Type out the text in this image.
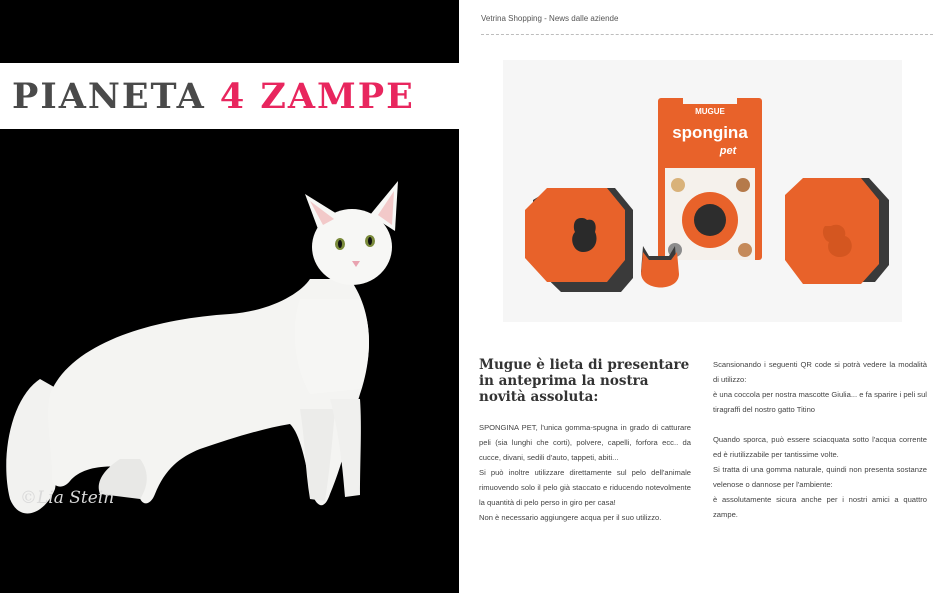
PIANETA 4 ZAMPE
©Lia Stein
Vetrina Shopping - News dalle aziende
MUGUE
spongina
pet
Mugue è lieta di presentare in anteprima la nostra novità assoluta:

SPONGINA PET, l'unica gomma-spugna in grado di catturare peli (sia lunghi che corti), polvere, capelli, forfora ecc.. da cucce, divani, sedili d'auto, tappeti, abiti...

Si può inoltre utilizzare direttamente sul pelo dell'animale rimuovendo solo il pelo già staccato e riducendo notevolmente la quantità di pelo perso in giro per casa!

Non è necessario aggiungere acqua per il suo utilizzo.

Scansionando i seguenti QR code si potrà vedere la modalità di utilizzo:

è una coccola per nostra mascotte Giulia... e fa sparire i peli sul tiragraffi del nostro gatto Titino

Quando sporca, può essere sciacquata sotto l'acqua corrente ed è riutilizzabile per tantissime volte.

Si tratta di una gomma naturale, quindi non presenta sostanze velenose o dannose per l'ambiente:

è assolutamente sicura anche per i nostri amici a quattro zampe.
